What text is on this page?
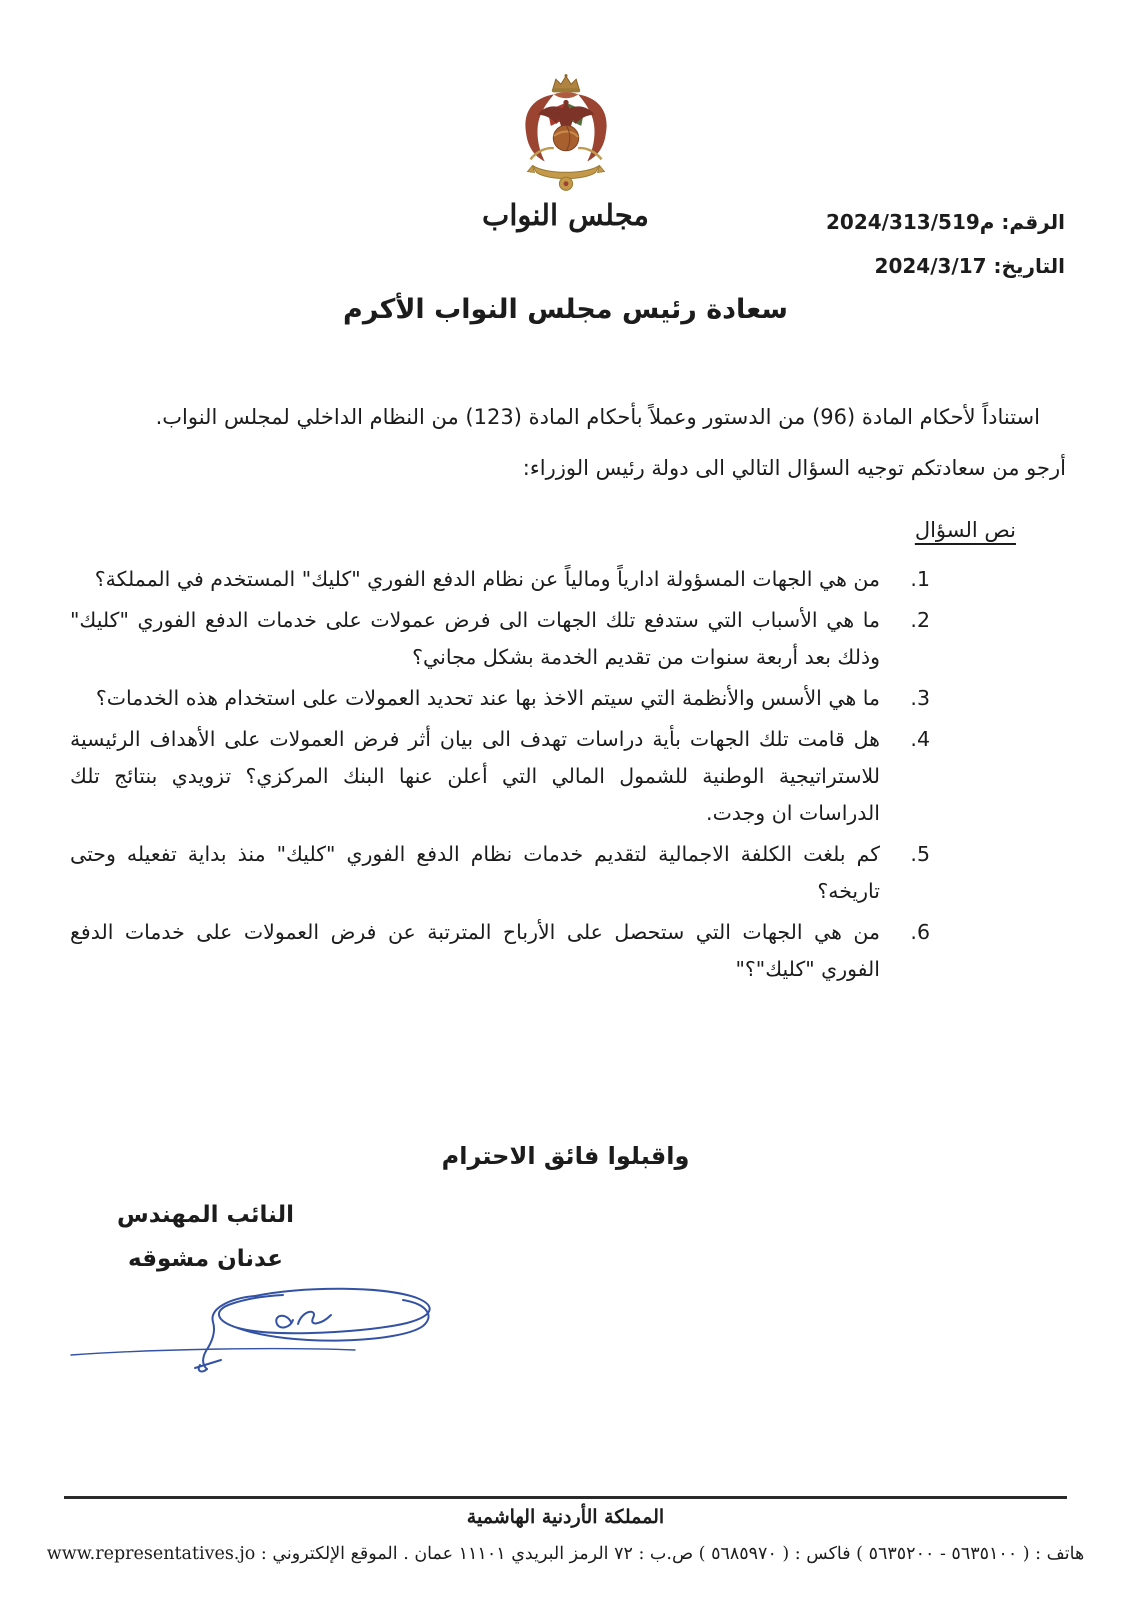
مجلس النواب	الرقم: م2024/313/519
التاريخ: 2024/3/17
سعادة رئيس مجلس النواب الأكرم

استناداً لأحكام المادة (96) من الدستور وعملاً بأحكام المادة (123) من النظام الداخلي لمجلس النواب.

أرجو من سعادتكم توجيه السؤال التالي الى دولة رئيس الوزراء:

نص السؤال
1.
من هي الجهات المسؤولة ادارياً ومالياً عن نظام الدفع الفوري "كليك" المستخدم في المملكة؟
2.
ما هي الأسباب التي ستدفع تلك الجهات الى فرض عمولات على خدمات الدفع الفوري "كليك" وذلك بعد أربعة سنوات من تقديم الخدمة بشكل مجاني؟
3.
ما هي الأسس والأنظمة التي سيتم الاخذ بها عند تحديد العمولات على استخدام هذه الخدمات؟
4.
هل قامت تلك الجهات بأية دراسات تهدف الى بيان أثر فرض العمولات على الأهداف الرئيسية للاستراتيجية الوطنية للشمول المالي التي أعلن عنها البنك المركزي؟ تزويدي بنتائج تلك الدراسات ان وجدت.
5.
كم بلغت الكلفة الاجمالية لتقديم خدمات نظام الدفع الفوري "كليك" منذ بداية تفعيله وحتى تاريخه؟
6.
من هي الجهات التي ستحصل على الأرباح المترتبة عن فرض العمولات على خدمات الدفع الفوري "كليك"؟"
واقبلوا فائق الاحترام
النائب المهندس
عدنان مشوقه
المملكة الأردنية الهاشمية
هاتف : ( ٥٦٣٥١٠٠ - ٥٦٣٥٢٠٠ ) فاكس : ( ٥٦٨٥٩٧٠ ) ص.ب : ٧٢ الرمز البريدي ١١١٠١ عمان . الموقع الإلكتروني : www.representatives.jo
